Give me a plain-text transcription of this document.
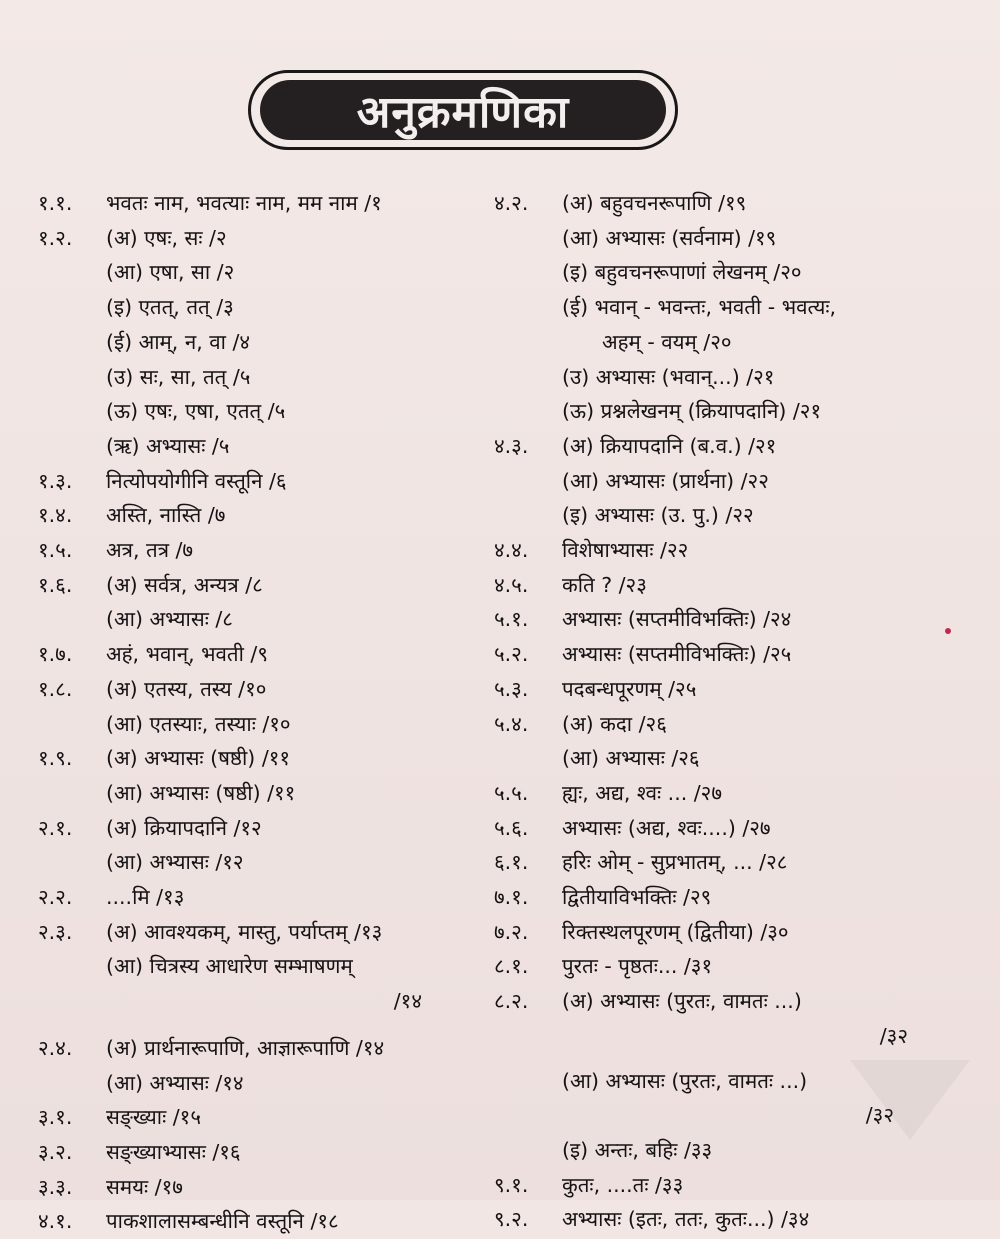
अनुक्रमणिका
१.१.	भवतः नाम, भवत्याः नाम, मम नाम /१
१.२.	(अ) एषः, सः /२
(आ) एषा, सा /२
(इ) एतत्, तत् /३
(ई) आम्, न, वा /४
(उ) सः, सा, तत् /५
(ऊ) एषः, एषा, एतत् /५
(ऋ) अभ्यासः /५
१.३.	नित्योपयोगीनि वस्तूनि /६
१.४.	अस्ति, नास्ति /७
१.५.	अत्र, तत्र /७
१.६.	(अ) सर्वत्र, अन्यत्र /८
(आ) अभ्यासः /८
१.७.	अहं, भवान्, भवती /९
१.८.	(अ) एतस्य, तस्य /१०
(आ) एतस्याः, तस्याः /१०
१.९.	(अ) अभ्यासः (षष्ठी) /११
(आ) अभ्यासः (षष्ठी) /११
२.१.	(अ) क्रियापदानि /१२
(आ) अभ्यासः /१२
२.२.	....मि /१३
२.३.	(अ) आवश्यकम्, मास्तु, पर्याप्तम् /१३
(आ) चित्रस्य आधारेण सम्भाषणम्
/१४
२.४.	(अ) प्रार्थनारूपाणि, आज्ञारूपाणि /१४
(आ) अभ्यासः /१४
३.१.	सङ्ख्याः /१५
३.२.	सङ्ख्याभ्यासः /१६
३.३.	समयः /१७
४.१.	पाकशालासम्बन्धीनि वस्तूनि /१८
४.२.	(अ) बहुवचनरूपाणि /१९
(आ) अभ्यासः (सर्वनाम) /१९
(इ) बहुवचनरूपाणां लेखनम् /२०
(ई) भवान् - भवन्तः, भवती - भवत्यः,
अहम् - वयम् /२०
(उ) अभ्यासः (भवान्...) /२१
(ऊ) प्रश्नलेखनम् (क्रियापदानि) /२१
४.३.	(अ) क्रियापदानि (ब.व.) /२१
(आ) अभ्यासः (प्रार्थना) /२२
(इ) अभ्यासः (उ. पु.) /२२
४.४.	विशेषाभ्यासः /२२
४.५.	कति ? /२३
५.१.	अभ्यासः (सप्तमीविभक्तिः) /२४
५.२.	अभ्यासः (सप्तमीविभक्तिः) /२५
५.३.	पदबन्धपूरणम् /२५
५.४.	(अ) कदा /२६
(आ) अभ्यासः /२६
५.५.	ह्यः, अद्य, श्वः ... /२७
५.६.	अभ्यासः (अद्य, श्वः....) /२७
६.१.	हरिः ओम् - सुप्रभातम्, ... /२८
७.१.	द्वितीयाविभक्तिः /२९
७.२.	रिक्तस्थलपूरणम् (द्वितीया) /३०
८.१.	पुरतः - पृष्ठतः... /३१
८.२.	(अ) अभ्यासः (पुरतः, वामतः ...)
/३२
(आ) अभ्यासः (पुरतः, वामतः ...)
/३२
(इ) अन्तः, बहिः /३३
९.१.	कुतः, ....तः /३३
९.२.	अभ्यासः (इतः, ततः, कुतः...) /३४
